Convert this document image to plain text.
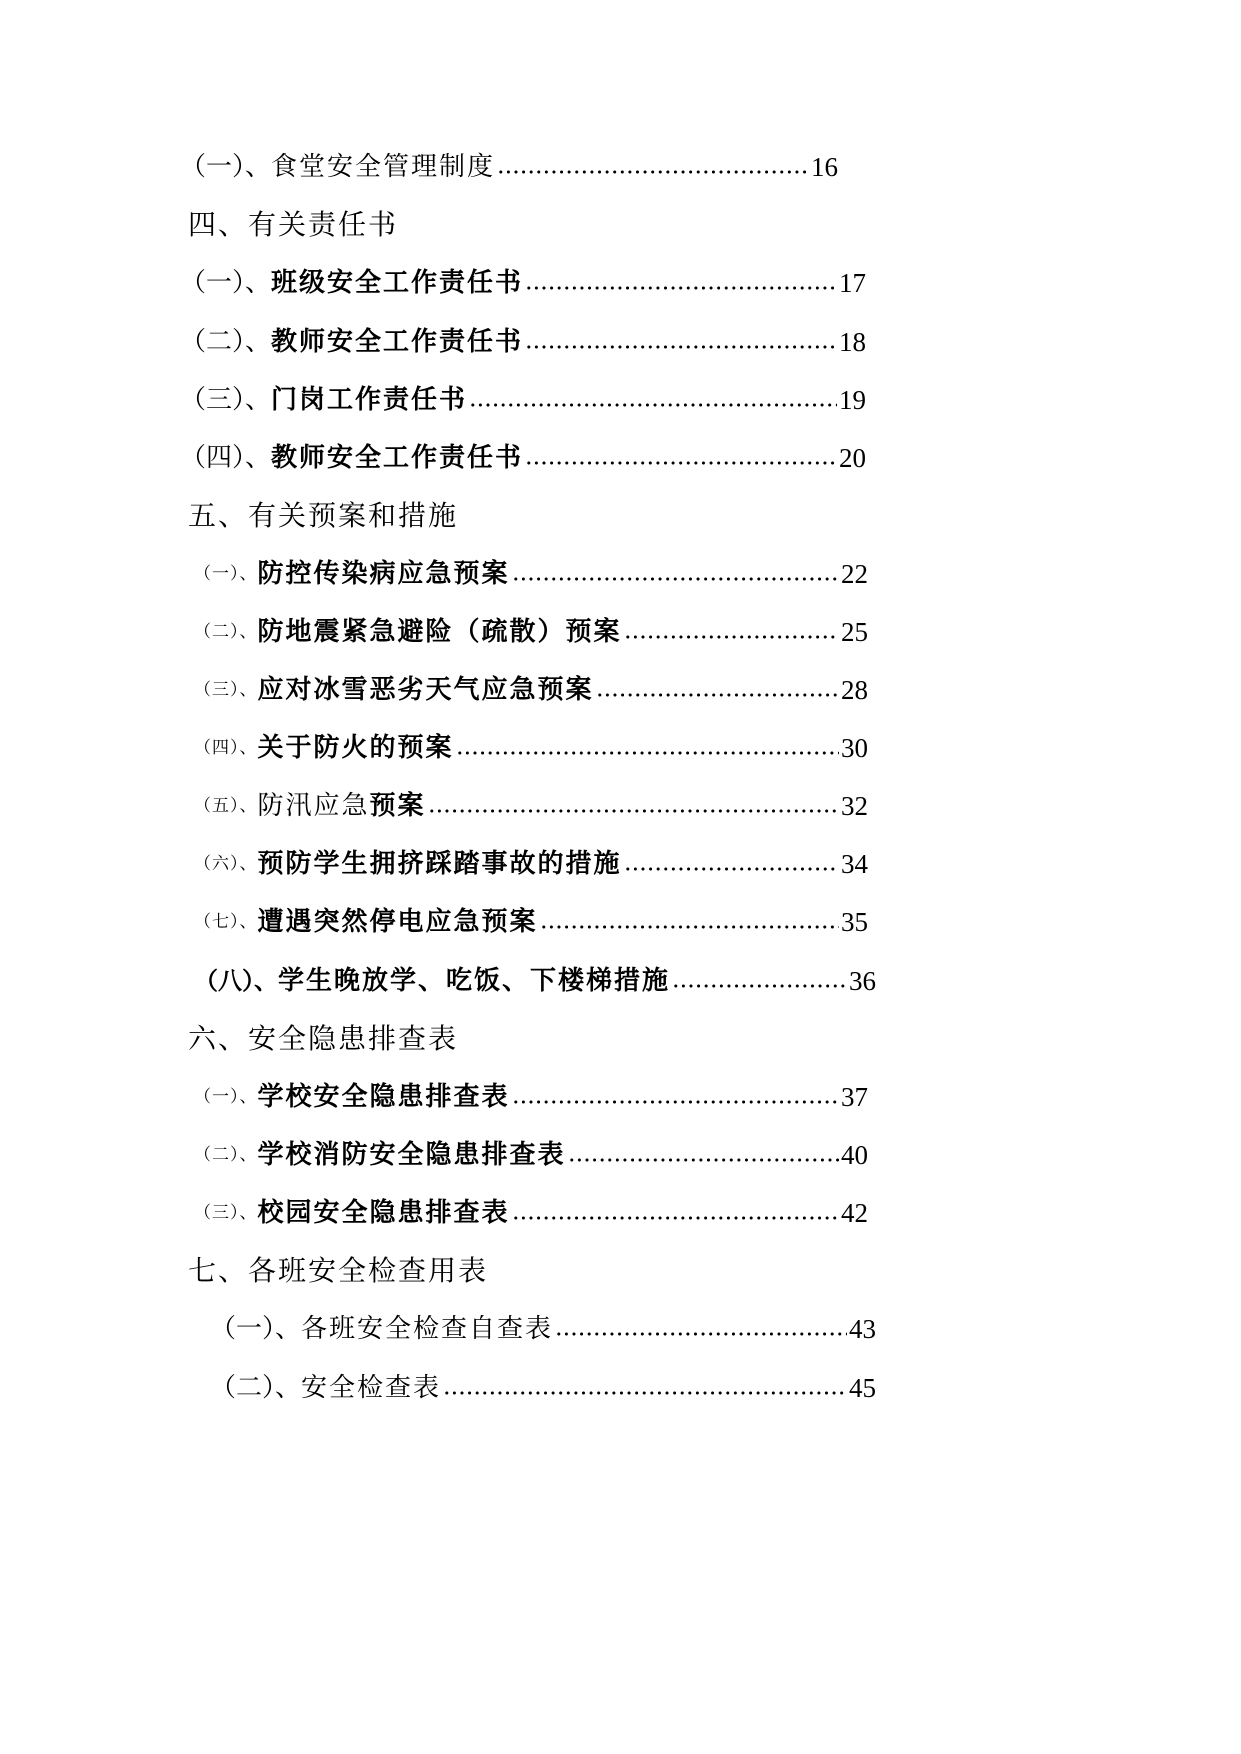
（一）、 食堂安全管理制度	16
四、有关责任书
（一）、 班级安全工作责任书	17
（二）、 教师安全工作责任书	18
（三）、 门岗工作责任书	19
（四）、 教师安全工作责任书	20
五、有关预案和措施
（一）、 防控传染病应急预案	22
（二）、 防地震紧急避险（疏散）预案	25
（三）、 应对冰雪恶劣天气应急预案	28
（四）、 关于防火的预案	30
（五）、 防汛应急 预案	32
（六）、 预防学生拥挤踩踏事故的措施	34
（七）、 遭遇突然停电应急预案	35
（八）、 学生晚放学、吃饭、下楼梯措施	36
六、安全隐患排查表
（一）、 学校安全隐患排查表	37
（二）、 学校消防安全隐患排查表	40
（三）、 校园安全隐患排查表	42
七、各班安全检查用表
（一）、 各班安全检查自查表	43
（二）、 安全检查表	45
